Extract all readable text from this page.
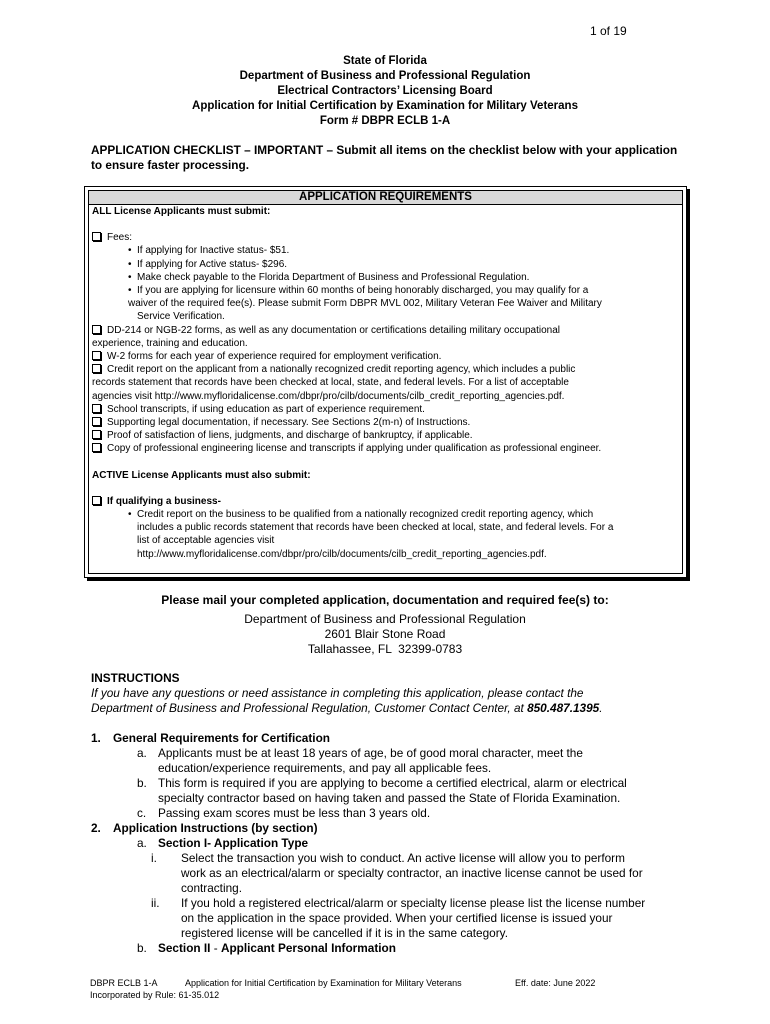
1 of 19
State of Florida
Department of Business and Professional Regulation
Electrical Contractors’ Licensing Board
Application for Initial Certification by Examination for Military Veterans
Form # DBPR ECLB 1-A
APPLICATION CHECKLIST – IMPORTANT – Submit all items on the checklist below with your application to ensure faster processing.
APPLICATION REQUIREMENTS
ALL License Applicants must submit:
Fees:
• If applying for Inactive status- $51.
• If applying for Active status- $296.
• Make check payable to the Florida Department of Business and Professional Regulation.
• If you are applying for licensure within 60 months of being honorably discharged, you may qualify for a
waiver of the required fee(s). Please submit Form DBPR MVL 002, Military Veteran Fee Waiver and Military
Service Verification.
DD-214 or NGB-22 forms, as well as any documentation or certifications detailing military occupational
experience, training and education.
W-2 forms for each year of experience required for employment verification.
Credit report on the applicant from a nationally recognized credit reporting agency, which includes a public
records statement that records have been checked at local, state, and federal levels. For a list of acceptable
agencies visit http://www.myfloridalicense.com/dbpr/pro/cilb/documents/cilb_credit_reporting_agencies.pdf.
School transcripts, if using education as part of experience requirement.
Supporting legal documentation, if necessary. See Sections 2(m-n) of Instructions.
Proof of satisfaction of liens, judgments, and discharge of bankruptcy, if applicable.
Copy of professional engineering license and transcripts if applying under qualification as professional engineer.
ACTIVE License Applicants must also submit:
If qualifying a business-
• Credit report on the business to be qualified from a nationally recognized credit reporting agency, which
includes a public records statement that records have been checked at local, state, and federal levels. For a
list of acceptable agencies visit
http://www.myfloridalicense.com/dbpr/pro/cilb/documents/cilb_credit_reporting_agencies.pdf.
Please mail your completed application, documentation and required fee(s) to:
Department of Business and Professional Regulation
2601 Blair Stone Road
Tallahassee, FL  32399-0783
INSTRUCTIONS
If you have any questions or need assistance in completing this application, please contact the
Department of Business and Professional Regulation, Customer Contact Center, at 850.487.1395.
1. General Requirements for Certification
a. Applicants must be at least 18 years of age, be of good moral character, meet the
education/experience requirements, and pay all applicable fees.
b. This form is required if you are applying to become a certified electrical, alarm or electrical
specialty contractor based on having taken and passed the State of Florida Examination.
c. Passing exam scores must be less than 3 years old.
2. Application Instructions (by section)
a. Section I- Application Type
i. Select the transaction you wish to conduct. An active license will allow you to perform
work as an electrical/alarm or specialty contractor, an inactive license cannot be used for
contracting.
ii. If you hold a registered electrical/alarm or specialty license please list the license number
on the application in the space provided. When your certified license is issued your
registered license will be cancelled if it is in the same category.
b. Section II - Applicant Personal Information
DBPR ECLB 1-A	Application for Initial Certification by Examination for Military Veterans	Eff. date: June 2022
Incorporated by Rule: 61-35.012
